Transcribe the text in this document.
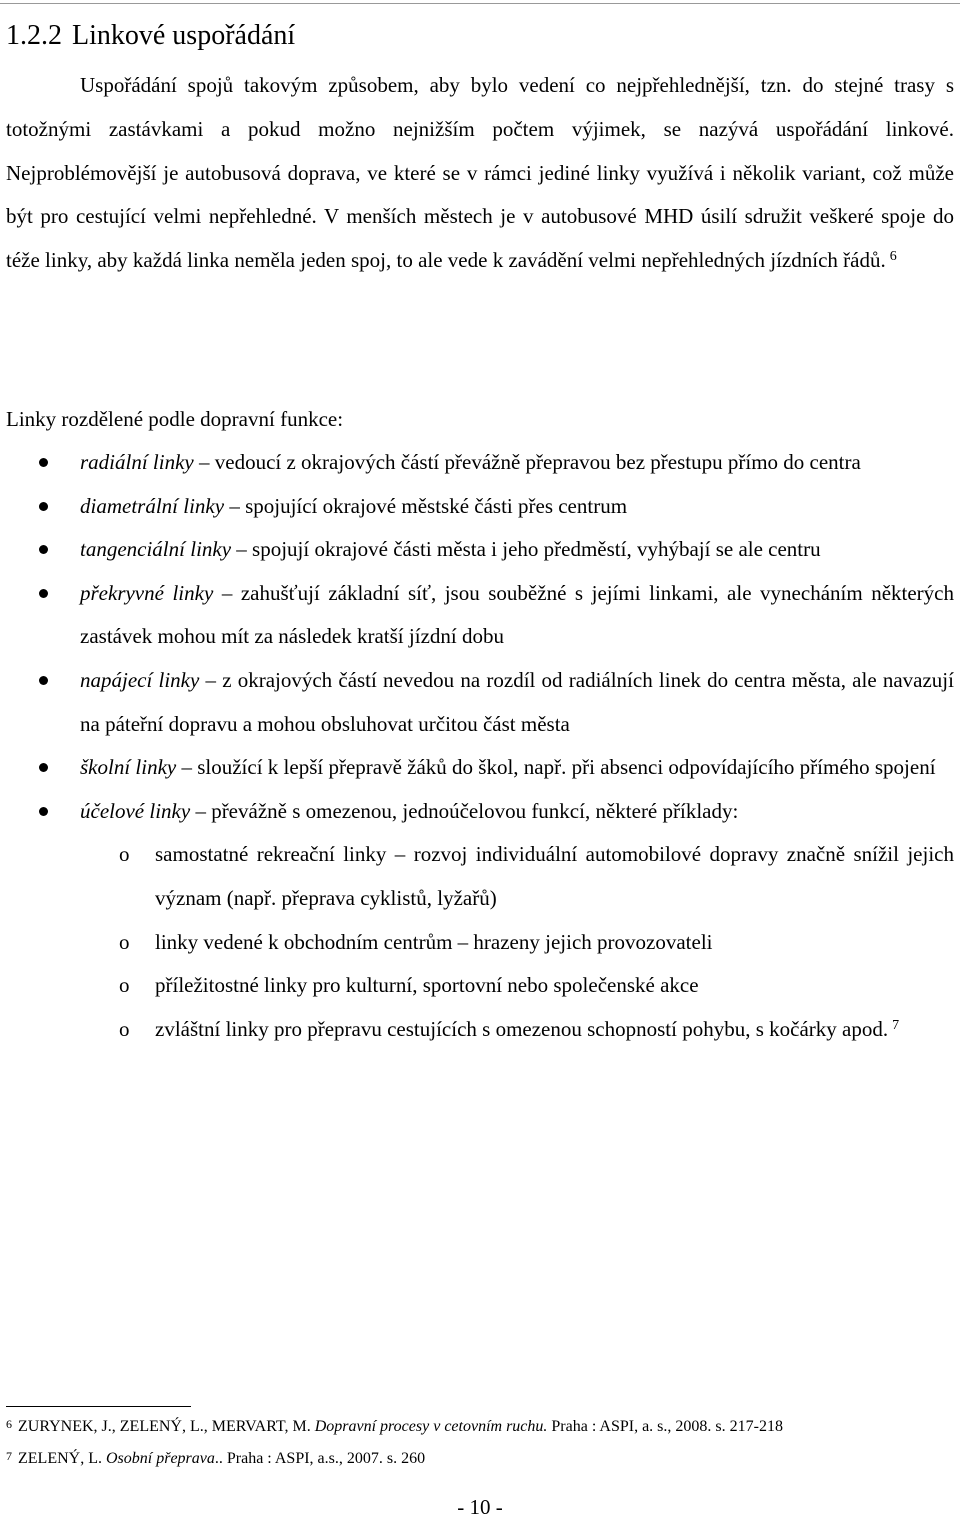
1.2.2 Linkové uspořádání

Uspořádání spojů takovým způsobem, aby bylo vedení co nejpřehlednější, tzn. do stejné trasy s totožnými zastávkami a pokud možno nejnižším počtem výjimek, se nazývá uspořádání linkové. Nejproblémovější je autobusová doprava, ve které se v rámci jediné linky využívá i několik variant, což může být pro cestující velmi nepřehledné. V menších městech je v autobusové MHD úsilí sdružit veškeré spoje do téže linky, aby každá linka neměla jeden spoj, to ale vede k zavádění velmi nepřehledných jízdních řádů. $^6$

Linky rozdělené podle dopravní funkce:
radiální linky – vedoucí z okrajových částí převážně přepravou bez přestupu přímo do centra
diametrální linky – spojující okrajové městské části přes centrum
tangenciální linky – spojují okrajové části města i jeho předměstí, vyhýbají se ale centru
překryvné linky – zahušťují základní síť, jsou souběžné s jejími linkami, ale vynecháním některých zastávek mohou mít za následek kratší jízdní dobu
napájecí linky – z okrajových částí nevedou na rozdíl od radiálních linek do centra města, ale navazují na páteřní dopravu a mohou obsluhovat určitou část města
školní linky – sloužící k lepší přepravě žáků do škol, např. při absenci odpovídajícího přímého spojení
účelové linky – převážně s omezenou, jednoúčelovou funkcí, některé příklady:
o samostatné rekreační linky – rozvoj individuální automobilové dopravy značně snížil jejich význam (např. přeprava cyklistů, lyžařů)
o linky vedené k obchodním centrům – hrazeny jejich provozovateli
o příležitostné linky pro kulturní, sportovní nebo společenské akce
o zvláštní linky pro přepravu cestujících s omezenou schopností pohybu, s kočárky apod. $^7$
$^6$ ZURYNEK, J., ZELENÝ, L., MERVART, M. Dopravní procesy v cetovním ruchu. Praha : ASPI, a. s., 2008. s. 217-218
$^7$ ZELENÝ, L. Osobní přeprava.. Praha : ASPI, a.s., 2007. s. 260
- 10 -
